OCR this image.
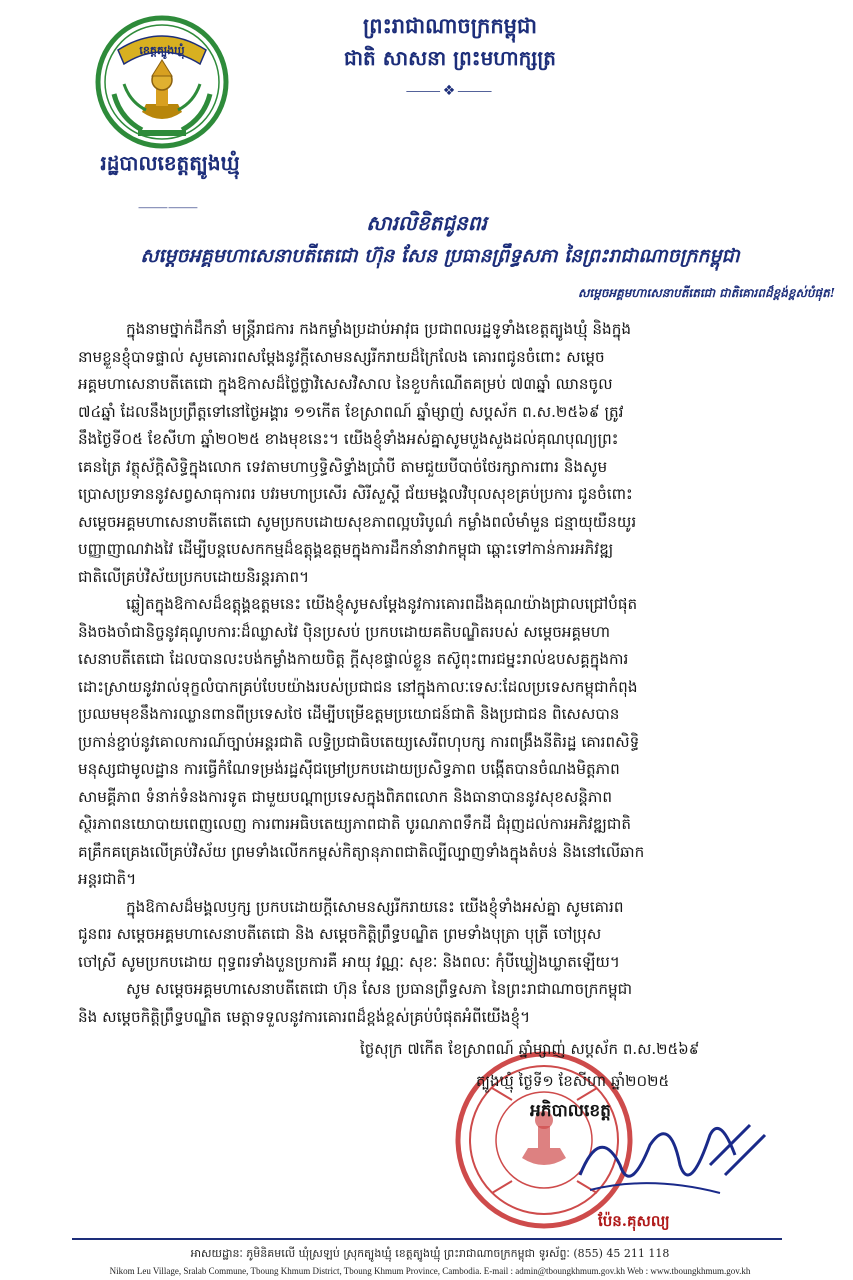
ខេត្តត្បូងឃ្មុំ
រដ្ឋបាលខេត្តត្បូងឃ្មុំ
⸻⸻
ព្រះរាជាណាចក្រកម្ពុជា
ជាតិ សាសនា ព្រះមហាក្សត្រ
⸻❖⸻
សារលិខិតជូនពរ
សម្តេចអគ្គមហាសេនាបតីតេជោ ហ៊ុន សែន ប្រធានព្រឹទ្ធសភា នៃព្រះរាជាណាចក្រកម្ពុជា
សម្តេចអគ្គមហាសេនាបតីតេជោ ជាតិគោរពដ៏ខ្ពង់ខ្ពស់បំផុត!
ក្នុងនាមថ្នាក់ដឹកនាំ មន្ត្រីរាជការ កងកម្លាំងប្រដាប់អាវុធ ប្រជាពលរដ្ឋទូទាំងខេត្តត្បូងឃ្មុំ និងក្នុង
នាមខ្លួនខ្ញុំបាទផ្ទាល់ សូមគោរពសម្តែងនូវក្តីសោមនស្សរីករាយដ៏ក្រៃលែង គោរពជូនចំពោះ សម្តេច
អគ្គមហាសេនាបតីតេជោ ក្នុងឱកាសដ៏ថ្លៃថ្លាវិសេសវិសាល នៃខួបកំណើតគម្រប់ ៧៣ឆ្នាំ ឈានចូល
៧៤ឆ្នាំ ដែលនឹងប្រព្រឹត្តទៅនៅថ្ងៃអង្គារ ១១កើត ខែស្រាពណ៍ ឆ្នាំម្សាញ់ សប្តស័ក ព.ស.២៥៦៩ ត្រូវ
នឹងថ្ងៃទី០៥ ខែសីហា ឆ្នាំ២០២៥ ខាងមុខនេះ។ យើងខ្ញុំទាំងអស់គ្នាសូមបួងសួងដល់គុណបុណ្យព្រះ
គេនត្រៃ វត្ថុស័ក្តិសិទ្ធិក្នុងលោក ទេវតាមហាឫទ្ធិសិទ្ធាំងប្រាំបី តាមជួយបីបាច់ថែរក្សាការពារ និងសូម
ប្រោសប្រទាននូវសព្វសាធុការពរ បវរមហាប្រសើរ សិរីសួស្តី ជ័យមង្គលវិបុលសុខគ្រប់ប្រការ ជូនចំពោះ
សម្តេចអគ្គមហាសេនាបតីតេជោ សូមប្រកបដោយសុខភាពល្អបរិបូណ៌ កម្លាំងពលំមាំមួន ជន្មាយុយឺនយូរ
បញ្ញាញាណវាងវៃ ដើម្បីបន្តបេសកកម្មដ៏ឧត្តុង្គឧត្តមក្នុងការដឹកនាំនាវាកម្ពុជា ឆ្ពោះទៅកាន់ការអភិវឌ្ឍ
ជាតិលើគ្រប់វិស័យប្រកបដោយនិរន្តរភាព។
ឆ្លៀតក្នុងឱកាសដ៏ឧត្តុង្គឧត្តមនេះ យើងខ្ញុំសូមសម្តែងនូវការគោរពដឹងគុណយ៉ាងជ្រាលជ្រៅបំផុត
និងចងចាំជានិច្ចនូវគុណូបការៈដ៏ឈ្លាសវៃ ប៉ិនប្រសប់ ប្រកបដោយគតិបណ្ឌិតរបស់ សម្តេចអគ្គមហា
សេនាបតីតេជោ ដែលបានលះបង់កម្លាំងកាយចិត្ត ក្តីសុខផ្ទាល់ខ្លួន តស៊ូពុះពារជម្នះរាល់ឧបសគ្គក្នុងការ
ដោះស្រាយនូវរាល់ទុក្ខលំបាកគ្រប់បែបយ៉ាងរបស់ប្រជាជន នៅក្នុងកាលៈទេសៈដែលប្រទេសកម្ពុជាកំពុង
ប្រឈមមុខនឹងការឈ្លានពានពីប្រទេសថៃ ដើម្បីបម្រើឧត្តមប្រយោជន៍ជាតិ និងប្រជាជន ពិសេសបាន
ប្រកាន់ខ្ជាប់នូវគោលការណ៍ច្បាប់អន្តរជាតិ លទ្ធិប្រជាធិបតេយ្យសេរីពហុបក្ស ការពង្រឹងនីតិរដ្ឋ គោរពសិទ្ធិ
មនុស្សជាមូលដ្ឋាន ការធ្វើកំណែទម្រង់រដ្ឋស៊ីជម្រៅប្រកបដោយប្រសិទ្ធភាព បង្កើតបានចំណងមិត្តភាព
សាមគ្គីភាព ទំនាក់ទំនងការទូត ជាមួយបណ្តាប្រទេសក្នុងពិភពលោក និងធានាបាននូវសុខសន្តិភាព
ស្ថិរភាពនយោបាយពេញលេញ ការពារអធិបតេយ្យភាពជាតិ បូរណភាពទឹកដី ជំរុញដល់ការអភិវឌ្ឍជាតិ
គគ្រឹកគគ្រេងលើគ្រប់វិស័យ ព្រមទាំងលើកកម្ពស់កិត្យានុភាពជាតិល្បីល្បាញទាំងក្នុងតំបន់ និងនៅលើឆាក
អន្តរជាតិ។
ក្នុងឱកាសដ៏មង្គលឫក្ស ប្រកបដោយក្តីសោមនស្សរីករាយនេះ យើងខ្ញុំទាំងអស់គ្នា សូមគោរព
ជូនពរ សម្តេចអគ្គមហាសេនាបតីតេជោ និង សម្តេចកិត្តិព្រឹទ្ធបណ្ឌិត ព្រមទាំងបុត្រា បុត្រី ចៅប្រុស
ចៅស្រី សូមប្រកបដោយ ពុទ្ធពរទាំងបួនប្រការគឺ អាយុ វណ្ណៈ សុខៈ និងពលៈ កុំបីឃ្លៀងឃ្លាតឡើយ។
សូម សម្តេចអគ្គមហាសេនាបតីតេជោ ហ៊ុន សែន ប្រធានព្រឹទ្ធសភា នៃព្រះរាជាណាចក្រកម្ពុជា
និង សម្តេចកិត្តិព្រឹទ្ធបណ្ឌិត មេត្តាទទួលនូវការគោរពដ៏ខ្ពង់ខ្ពស់គ្រប់បំផុតអំពីយើងខ្ញុំ។
ថ្ងៃសុក្រ ៧កើត ខែស្រាពណ៍ ឆ្នាំម្សាញ់ សប្តស័ក ព.ស.២៥៦៩
ត្បូងឃ្មុំ ថ្ងៃទី១ ខែសីហា ឆ្នាំ២០២៥
អភិបាលខេត្ត
ប៉ែន.គុសល្យ
អាសយដ្ឋានៈ ភូមិនិគមលើ ឃុំស្រឡប់ ស្រុកត្បូងឃ្មុំ ខេត្តត្បូងឃ្មុំ ព្រះរាជាណាចក្រកម្ពុជា ទូរស័ព្ទៈ (855) 45 211 118
Nikom Leu Village, Sralab Commune, Tboung Khmum District, Tboung Khmum Province, Cambodia. E-mail : admin@tboungkhmum.gov.kh Web : www.tboungkhmum.gov.kh
